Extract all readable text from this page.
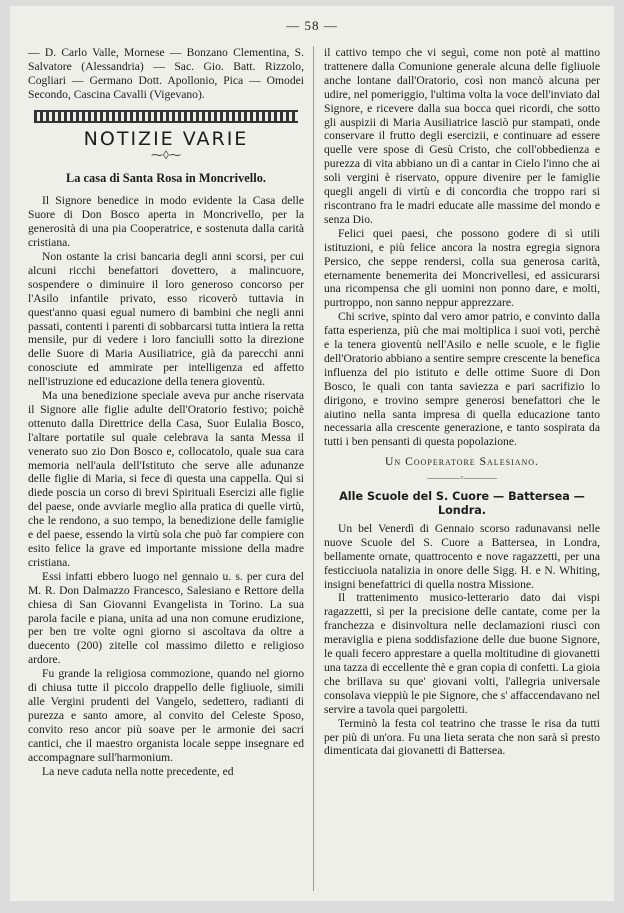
— 58 —

— D. Carlo Valle, Mornese — Bonzano Clementina, S. Salvatore (Alessandria) — Sac. Gio. Batt. Rizzolo, Cogliari — Germano Dott. Apollonio, Pica — Omodei Secondo, Cascina Cavalli (Vigevano).

NOTIZIE VARIE
⁓◊⁓
La casa di Santa Rosa in Moncrivello.

Il Signore benedice in modo evidente la Casa delle Suore di Don Bosco aperta in Moncrivello, per la generosità di una pia Cooperatrice, e sostenuta dalla carità cristiana.

Non ostante la crisi bancaria degli anni scorsi, per cui alcuni ricchi benefattori dovettero, a malincuore, sospendere o diminuire il loro generoso concorso per l'Asilo infantile privato, esso ricoverò tuttavia in quest'anno quasi egual numero di bambini che negli anni passati, contenti i parenti di sobbarcarsi tutta intiera la retta mensile, pur di vedere i loro fanciulli sotto la direzione delle Suore di Maria Ausiliatrice, già da parecchi anni conosciute ed ammirate per intelligenza ed affetto nell'istruzione ed educazione della tenera gioventù.

Ma una benedizione speciale aveva pur anche riservata il Signore alle figlie adulte dell'Oratorio festivo; poichè ottenuto dalla Direttrice della Casa, Suor Eulalia Bosco, l'altare portatile sul quale celebrava la santa Messa il venerato suo zio Don Bosco e, collocatolo, quale sua cara memoria nell'aula dell'Istituto che serve alle adunanze delle figlie di Maria, si fece di questa una cappella. Qui si diede poscia un corso di brevi Spirituali Esercizi alle figlie del paese, onde avviarle meglio alla pratica di quelle virtù, che le rendono, a suo tempo, la benedizione delle famiglie e del paese, essendo la virtù sola che può far compiere con esito felice la grave ed importante missione della madre cristiana.

Essi infatti ebbero luogo nel gennaio u. s. per cura del M. R. Don Dalmazzo Francesco, Salesiano e Rettore della chiesa di San Giovanni Evangelista in Torino. La sua parola facile e piana, unita ad una non comune erudizione, per ben tre volte ogni giorno si ascoltava da oltre a duecento (200) zitelle col massimo diletto e religioso ardore.

Fu grande la religiosa commozione, quando nel giorno di chiusa tutte il piccolo drappello delle figliuole, simili alle Vergini prudenti del Vangelo, sedettero, radianti di purezza e santo amore, al convito del Celeste Sposo, convito reso ancor più soave per le armonie dei sacri cantici, che il maestro organista locale seppe insegnare ed accompagnare sull'harmonium.

La neve caduta nella notte precedente, ed

il cattivo tempo che vi seguì, come non potè al mattino trattenere dalla Comunione generale alcuna delle figliuole anche lontane dall'Oratorio, così non mancò alcuna per udire, nel pomeriggio, l'ultima volta la voce dell'inviato dal Signore, e ricevere dalla sua bocca quei ricordi, che sotto gli auspizii di Maria Ausiliatrice lasciò pur stampati, onde conservare il frutto degli esercizii, e continuare ad essere quelle vere spose di Gesù Cristo, che coll'obbedienza e purezza di vita abbiano un dì a cantar in Cielo l'inno che ai soli vergini è riservato, oppure divenire per le famiglie quegli angeli di virtù e di concordia che troppo rari si riscontrano fra le madri educate alle massime del mondo e senza Dio.

Felici quei paesi, che possono godere di sì utili istituzioni, e più felice ancora la nostra egregia signora Persico, che seppe rendersi, colla sua generosa carità, eternamente benemerita dei Moncrivellesi, ed assicurarsi una ricompensa che gli uomini non ponno dare, e molti, purtroppo, non sanno neppur apprezzare.

Chi scrive, spinto dal vero amor patrio, e convinto dalla fatta esperienza, più che mai moltiplica i suoi voti, perchè e la tenera gioventù nell'Asilo e nelle scuole, e le figlie dell'Oratorio abbiano a sentire sempre crescente la benefica influenza del pio istituto e delle ottime Suore di Don Bosco, le quali con tanta saviezza e pari sacrifizio lo dirigono, e trovino sempre generosi benefattori che le aiutino nella santa impresa di quella educazione tanto necessaria alla crescente generazione, e tanto sospirata da tutti i ben pensanti di questa popolazione.

Un Cooperatore Salesiano.
———◦———
Alle Scuole del S. Cuore — Battersea — Londra.

Un bel Venerdì di Gennaio scorso radunavansi nelle nuove Scuole del S. Cuore a Battersea, in Londra, bellamente ornate, quattrocento e nove ragazzetti, per una festicciuola natalizia in onore delle Sigg. H. e N. Whiting, insigni benefattrici di quella nostra Missione.

Il trattenimento musico-letterario dato dai vispi ragazzetti, sì per la precisione delle cantate, come per la franchezza e disinvoltura nelle declamazioni riuscì con meraviglia e piena soddisfazione delle due buone Signore, le quali fecero apprestare a quella moltitudine di giovanetti una tazza di eccellente thè e gran copia di confetti. La gioia che brillava su que' giovani volti, l'allegria universale consolava vieppiù le pie Signore, che s' affaccendavano nel servire a tavola quei pargoletti.

Terminò la festa col teatrino che trasse le risa da tutti per più di un'ora. Fu una lieta serata che non sarà sì presto dimenticata dai giovanetti di Battersea.
